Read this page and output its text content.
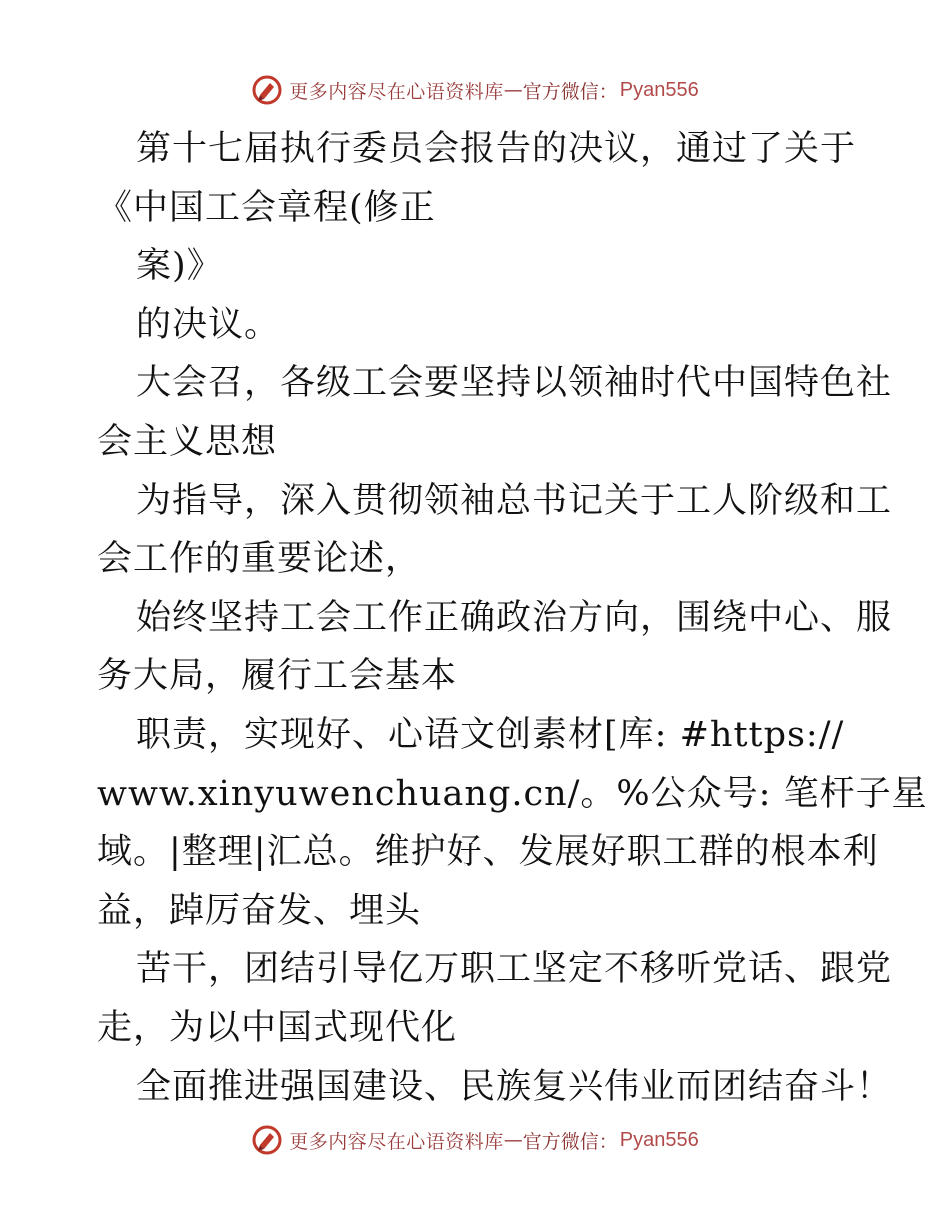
更多内容尽在心语资料库 — 官方微信： Pyan556
第十七届执行委员会报告的决议，通过了关于
《中国工会章程(修正
案)》
的决议。
大会召，各级工会要坚持以领袖时代中国特色社
会主义思想
为指导，深入贯彻领袖总书记关于工人阶级和工
会工作的重要论述，
始终坚持工会工作正确政治方向，围绕中心、服
务大局，履行工会基本
职责，实现好、心语文创素材[库: #https://
www.xinyuwenchuang.cn/。%公众号: 笔杆子星
域。|整理|汇总。维护好、发展好职工群的根本利
益，踔厉奋发、埋头
苦干，团结引导亿万职工坚定不移听党话、跟党
走，为以中国式现代化
全面推进强国建设、民族复兴伟业而团结奋斗！
更多内容尽在心语资料库 — 官方微信： Pyan556
